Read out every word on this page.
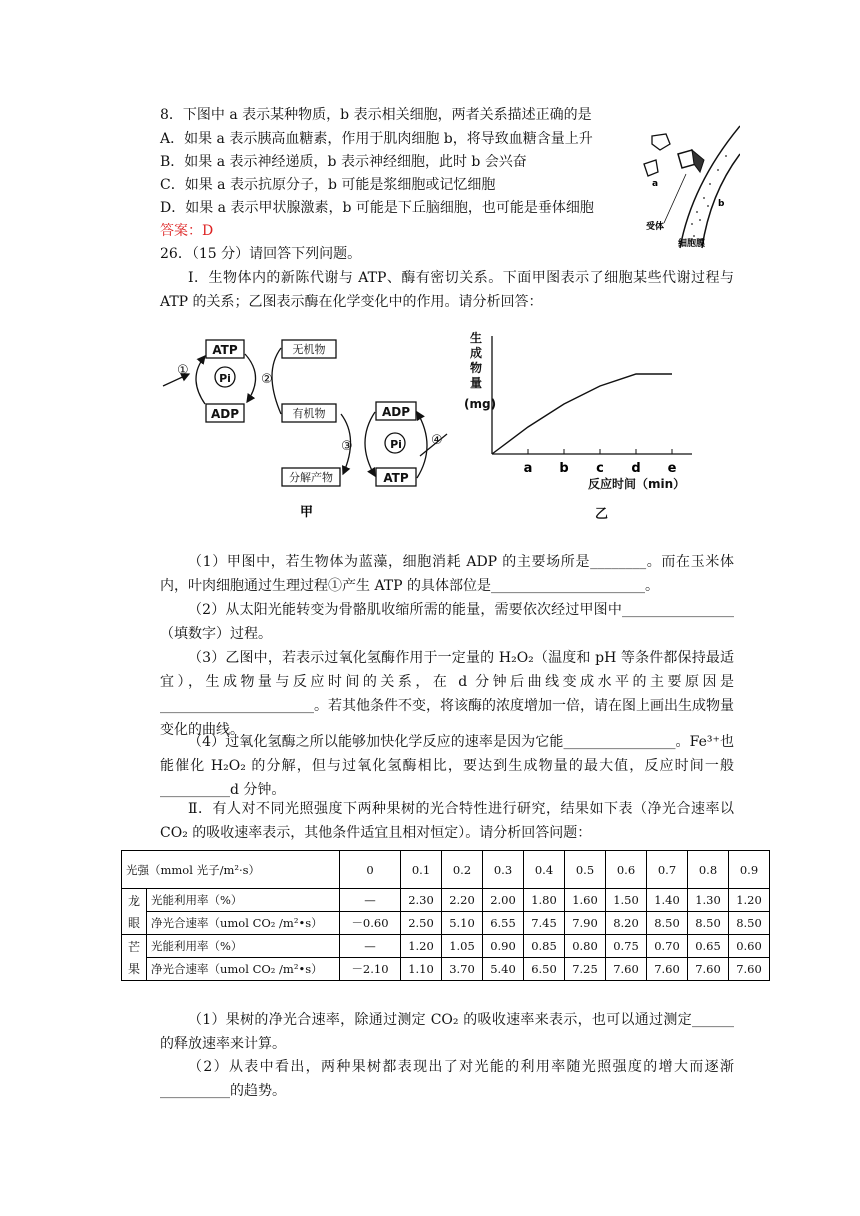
8．下图中 a 表示某种物质，b 表示相关细胞，两者关系描述正确的是
A．如果 a 表示胰高血糖素，作用于肌肉细胞 b，将导致血糖含量上升
B．如果 a 表示神经递质，b 表示神经细胞，此时 b 会兴奋
C．如果 a 表示抗原分子，b 可能是浆细胞或记忆细胞
D．如果 a 表示甲状腺激素，b 可能是下丘脑细胞，也可能是垂体细胞
答案：D
a
b
受体
细胞膜
26．（15 分）请回答下列问题。
Ⅰ．生物体内的新陈代谢与 ATP、酶有密切关系。下面甲图表示了细胞某些代谢过程与 ATP 的关系；乙图表示酶在化学变化中的作用。请分析回答：
ATP
ADP
Pi
ADP
ATP
Pi
无机物
有机物
分解产物
①
②
③	④
甲
生
成
物
量
(mg)
a b c d e
反应时间（min）
乙
（1）甲图中，若生物体为蓝藻，细胞消耗 ADP 的主要场所是________。而在玉米体内，叶肉细胞通过生理过程①产生 ATP 的具体部位是______________________。
（2）从太阳光能转变为骨骼肌收缩所需的能量，需要依次经过甲图中________________（填数字）过程。
（3）乙图中，若表示过氧化氢酶作用于一定量的 H₂O₂（温度和 pH 等条件都保持最适宜），生成物量与反应时间的关系，在 d 分钟后曲线变成水平的主要原因是______________________。若其他条件不变，将该酶的浓度增加一倍，请在图上画出生成物量变化的曲线。
（4）过氧化氢酶之所以能够加快化学反应的速率是因为它能________________。Fe³⁺也能催化 H₂O₂ 的分解，但与过氧化氢酶相比，要达到生成物量的最大值，反应时间一般__________d 分钟。
Ⅱ．有人对不同光照强度下两种果树的光合特性进行研究，结果如下表（净光合速率以 CO₂ 的吸收速率表示，其他条件适宜且相对恒定）。请分析回答问题：
光强（mmol 光子/m²·s）		0	0.1	0.2	0.3	0.4	0.5	0.6	0.7	0.8	0.9
龙眼	光能利用率（%）	—	2.30	2.20	2.00	1.80	1.60	1.50	1.40	1.30	1.20
	净光合速率（umol CO₂ /m²•s）	－0.60	2.50	5.10	6.55	7.45	7.90	8.20	8.50	8.50	8.50
芒果	光能利用率（%）	—	1.20	1.05	0.90	0.85	0.80	0.75	0.70	0.65	0.60
	净光合速率（umol CO₂ /m²•s）	－2.10	1.10	3.70	5.40	6.50	7.25	7.60	7.60	7.60	7.60
（1）果树的净光合速率，除通过测定 CO₂ 的吸收速率来表示，也可以通过测定______的释放速率来计算。
（2）从表中看出，两种果树都表现出了对光能的利用率随光照强度的增大而逐渐__________的趋势。
